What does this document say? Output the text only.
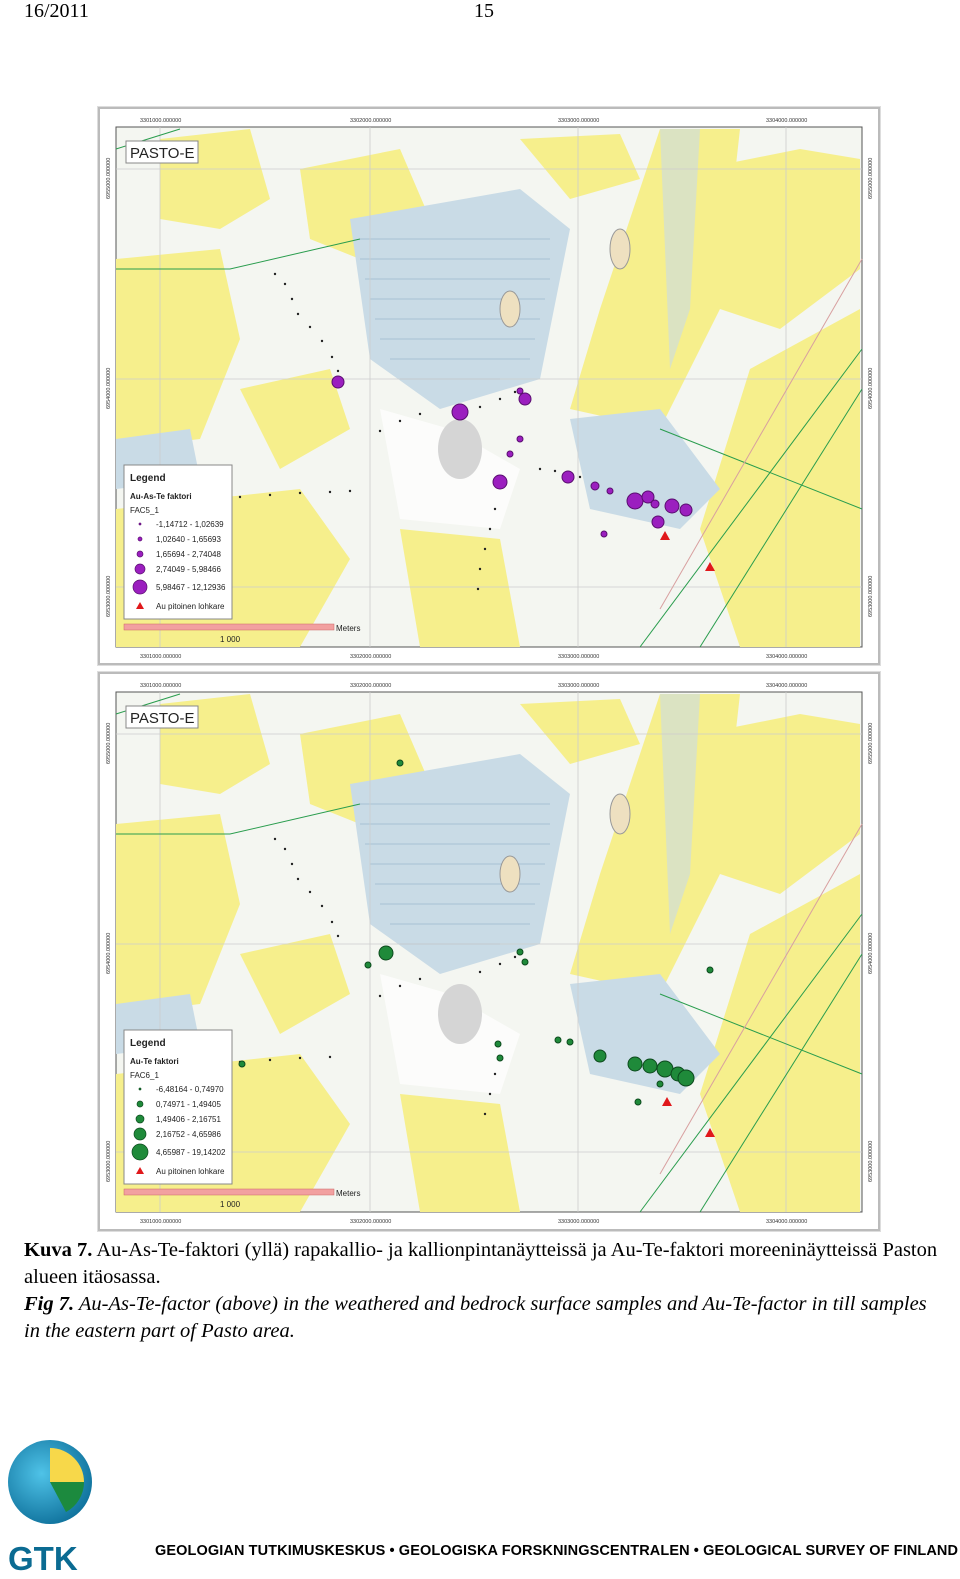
16/2011	15
Legend
Au-As-Te faktori
FAC5_1
-1,14712 - 1,02639
1,02640 - 1,65693
1,65694 - 2,74048
2,74049 - 5,98466
5,98467 - 12,12936
Au pitoinen lohkare
PASTO-E
Meters
1 000
3301000.000000	3302000.000000	3303000.000000	3304000.000000
3301000.000000	3302000.000000	3303000.000000	3304000.000000
6955000.000000
6954000.000000
6953000.000000
6955000.000000
6954000.000000
6953000.000000
Legend
Au-Te faktori
FAC6_1
-6,48164 - 0,74970
0,74971 - 1,49405
1,49406 - 2,16751
2,16752 - 4,65986
4,65987 - 19,14202
Au pitoinen lohkare
PASTO-E
Meters
1 000
3301000.000000	3302000.000000	3303000.000000	3304000.000000
3301000.000000	3302000.000000	3303000.000000	3304000.000000
6955000.000000
6954000.000000
6953000.000000
6955000.000000
6954000.000000
6953000.000000
Kuva 7. Au-As-Te-faktori (yllä) rapakallio- ja kallionpintanäytteissä ja Au-Te-faktori moreeninäytteissä Paston alueen itäosassa.
Fig 7. Au-As-Te-factor (above) in the weathered and bedrock surface samples and Au-Te-factor in till samples in the eastern part of Pasto area.
GTK	GEOLOGIAN TUTKIMUSKESKUS • GEOLOGISKA FORSKNINGSCENTRALEN • GEOLOGICAL SURVEY OF FINLAND
